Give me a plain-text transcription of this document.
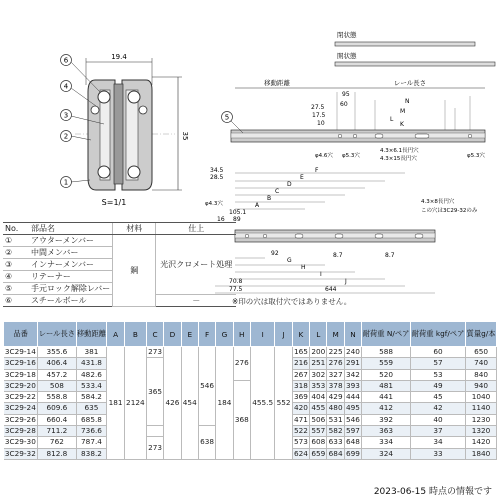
19.4
35
6
4
3
2
1
S=1/1
閉状態
開状態
移動距離	レール長さ
95
N
M
60
L
K
27.5
17.5
10
5
φ4.6穴 φ5.3穴
4.3×6.1長円穴
4.3×15長円穴	φ5.3穴
F
E
D
C
B
A
105.1
89
34.5
28.5
16
8.7
92
G
H
I
J
70.8
77.5	644
8.7
φ4.3穴	4.3×8長円穴
この穴は3C29-32のみ
No.	部品名	材料	仕上
①	アウターメンバー	鋼	光沢クロメート処理
②	中間メンバー		
③	インナーメンバー		
④	リテーナー		
⑤	手元ロック解除レバー		
⑥	スチールボール		－	※印の穴は取付穴ではありません。
品番	レール長さ	移動距離	A	B	C	D	E	F	G	H	I	J	K	L	M	N	耐荷重 N/ペア	耐荷重 kgf/ペア	質量g/本
3C29-14	355.6	381	181	2124	273	426	454	546	184	276	455.5	552	165	200	225	240	588	60	650
3C29-16	406.4	431.8			365								216	251	276	291	559	57	740
3C29-18	457.2	482.6											267	302	327	342	520	53	840
3C29-20	508	533.4								368			318	353	378	393	481	49	940
3C29-22	558.8	584.2											369	404	429	444	441	45	1040
3C29-24	609.6	635											420	455	480	495	412	42	1140
3C29-26	660.4	685.8											471	506	531	546	392	40	1230
3C29-28	711.2	736.6						638					522	557	582	597	363	37	1320
3C29-30	762	787.4			273								573	608	633	648	334	34	1420
3C29-32	812.8	838.2											624	659	684	699	324	33	1840
2023-06-15 時点の情報です
